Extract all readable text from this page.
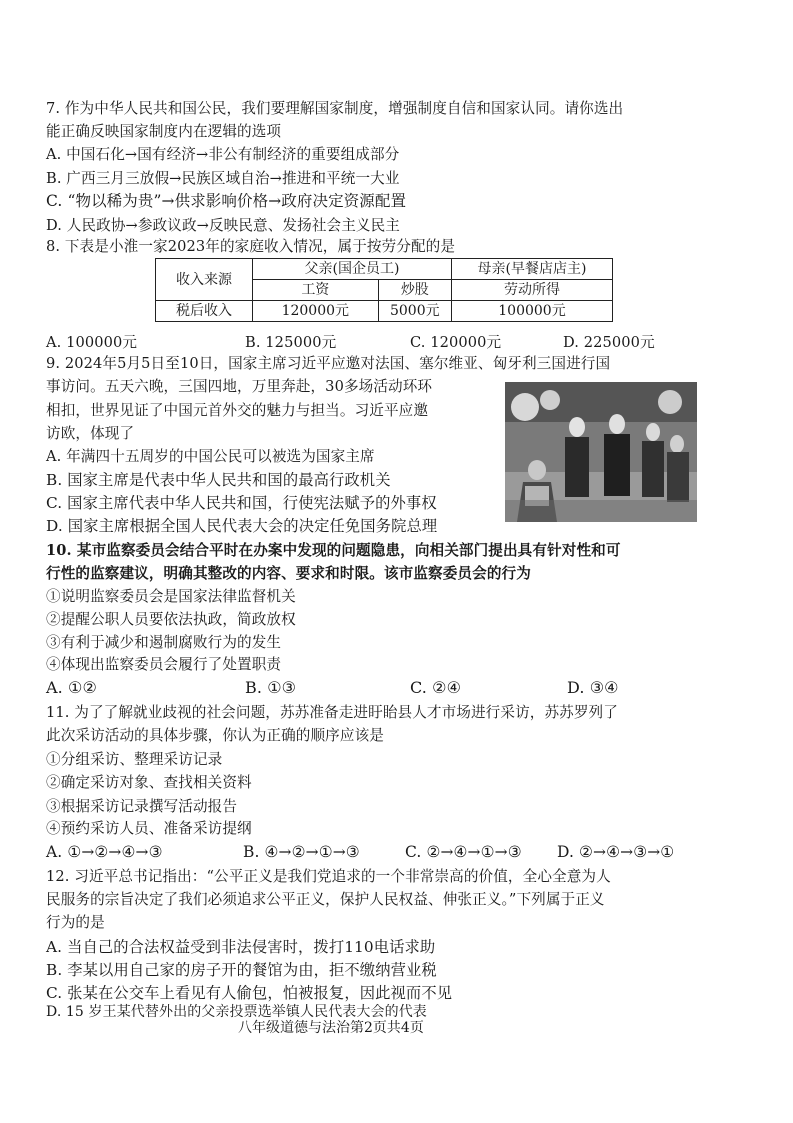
7. 作为中华人民共和国公民，我们要理解国家制度，增强制度自信和国家认同。请你选出
能正确反映国家制度内在逻辑的选项
A. 中国石化→国有经济→非公有制经济的重要组成部分
B. 广西三月三放假→民族区域自治→推进和平统一大业
C. “物以稀为贵”→供求影响价格→政府决定资源配置
D. 人民政协→参政议政→反映民意、发扬社会主义民主
8. 下表是小淮一家2023年的家庭收入情况，属于按劳分配的是
收入来源	父亲(国企员工)		母亲(早餐店店主)
	工资	炒股	劳动所得
税后收入	120000元	5000元	100000元
A. 100000元	B. 125000元	C. 120000元	D. 225000元
9. 2024年5月5日至10日，国家主席习近平应邀对法国、塞尔维亚、匈牙利三国进行国
事访问。五天六晚，三国四地，万里奔赴，30多场活动环环
相扣，世界见证了中国元首外交的魅力与担当。习近平应邀
访欧，体现了
A. 年满四十五周岁的中国公民可以被选为国家主席
B. 国家主席是代表中华人民共和国的最高行政机关
C. 国家主席代表中华人民共和国，行使宪法赋予的外事权
D. 国家主席根据全国人民代表大会的决定任免国务院总理
10. 某市监察委员会结合平时在办案中发现的问题隐患，向相关部门提出具有针对性和可
行性的监察建议，明确其整改的内容、要求和时限。该市监察委员会的行为
①说明监察委员会是国家法律监督机关
②提醒公职人员要依法执政，简政放权
③有利于减少和遏制腐败行为的发生
④体现出监察委员会履行了处置职责
A. ①②	B. ①③	C. ②④	D. ③④
11. 为了了解就业歧视的社会问题，苏苏准备走进盱眙县人才市场进行采访，苏苏罗列了
此次采访活动的具体步骤，你认为正确的顺序应该是
①分组采访、整理采访记录
②确定采访对象、查找相关资料
③根据采访记录撰写活动报告
④预约采访人员、准备采访提纲
A. ①→②→④→③	B. ④→②→①→③	C. ②→④→①→③ D. ②→④→③→①
12. 习近平总书记指出：“公平正义是我们党追求的一个非常崇高的价值，全心全意为人
民服务的宗旨决定了我们必须追求公平正义，保护人民权益、伸张正义。”下列属于正义
行为的是
A. 当自己的合法权益受到非法侵害时，拨打110电话求助
B. 李某以用自己家的房子开的餐馆为由，拒不缴纳营业税
C. 张某在公交车上看见有人偷包，怕被报复，因此视而不见
D. 15 岁王某代替外出的父亲投票选举镇人民代表大会的代表
八年级道德与法治第2页共4页
